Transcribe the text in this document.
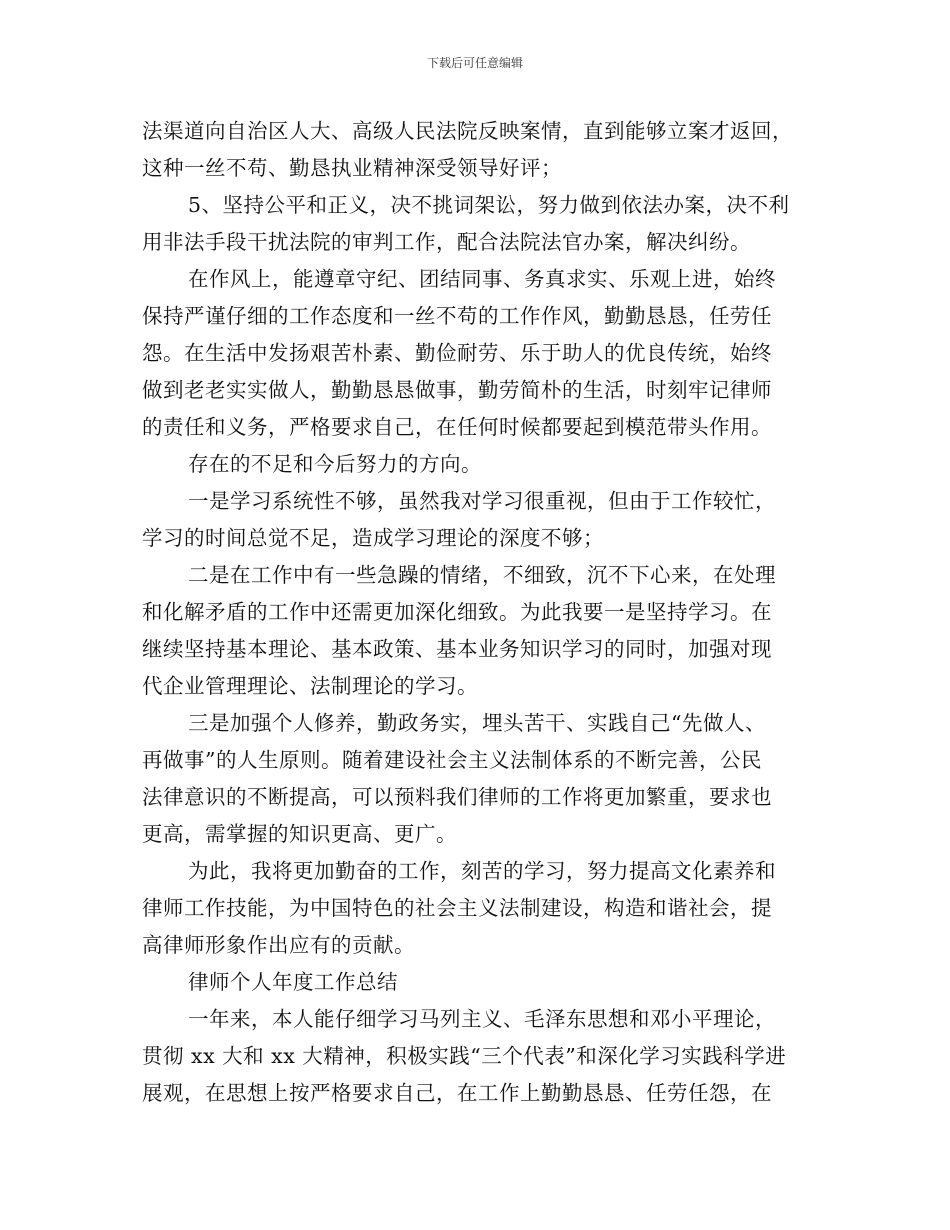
下载后可任意编辑
法渠道向自治区人大、高级人民法院反映案情，直到能够立案才返回，
这种一丝不苟、勤恳执业精神深受领导好评；
5、坚持公平和正义，决不挑词架讼，努力做到依法办案，决不利
用非法手段干扰法院的审判工作，配合法院法官办案，解决纠纷。
在作风上，能遵章守纪、团结同事、务真求实、乐观上进，始终
保持严谨仔细的工作态度和一丝不苟的工作作风，勤勤恳恳，任劳任
怨。在生活中发扬艰苦朴素、勤俭耐劳、乐于助人的优良传统，始终
做到老老实实做人，勤勤恳恳做事，勤劳简朴的生活，时刻牢记律师
的责任和义务，严格要求自己，在任何时候都要起到模范带头作用。
存在的不足和今后努力的方向。
一是学习系统性不够，虽然我对学习很重视，但由于工作较忙，
学习的时间总觉不足，造成学习理论的深度不够；
二是在工作中有一些急躁的情绪，不细致，沉不下心来，在处理
和化解矛盾的工作中还需更加深化细致。为此我要一是坚持学习。在
继续坚持基本理论、基本政策、基本业务知识学习的同时，加强对现
代企业管理理论、法制理论的学习。
三是加强个人修养，勤政务实，埋头苦干、实践自己“先做人、
再做事”的人生原则。随着建设社会主义法制体系的不断完善，公民
法律意识的不断提高，可以预料我们律师的工作将更加繁重，要求也
更高，需掌握的知识更高、更广。
为此，我将更加勤奋的工作，刻苦的学习，努力提高文化素养和
律师工作技能，为中国特色的社会主义法制建设，构造和谐社会，提
高律师形象作出应有的贡献。
律师个人年度工作总结
一年来，本人能仔细学习马列主义、毛泽东思想和邓小平理论，
贯彻 xx 大和 xx 大精神，积极实践“三个代表”和深化学习实践科学进
展观，在思想上按严格要求自己，在工作上勤勤恳恳、任劳任怨，在
